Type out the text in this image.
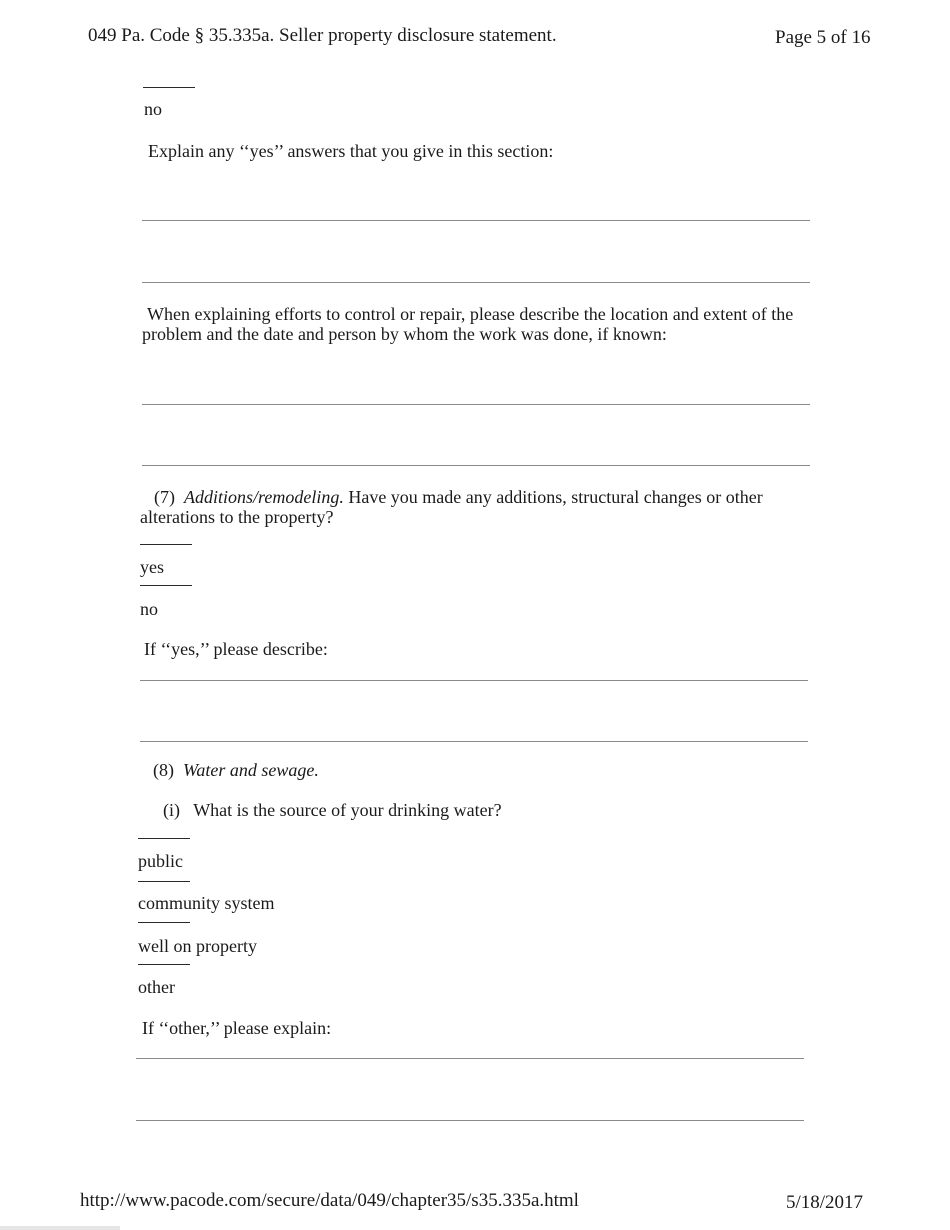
049 Pa. Code § 35.335a. Seller property disclosure statement.	Page 5 of 16
no
Explain any ‘‘yes’’ answers that you give in this section:
When explaining efforts to control or repair, please describe the location and extent of the problem and the date and person by whom the work was done, if known:
(7) Additions/remodeling. Have you made any additions, structural changes or other alterations to the property?
yes
no
If ‘‘yes,’’ please describe:
(8) Water and sewage.
(i) What is the source of your drinking water?
public
community system
well on property
other
If ‘‘other,’’ please explain:
http://www.pacode.com/secure/data/049/chapter35/s35.335a.html	5/18/2017
